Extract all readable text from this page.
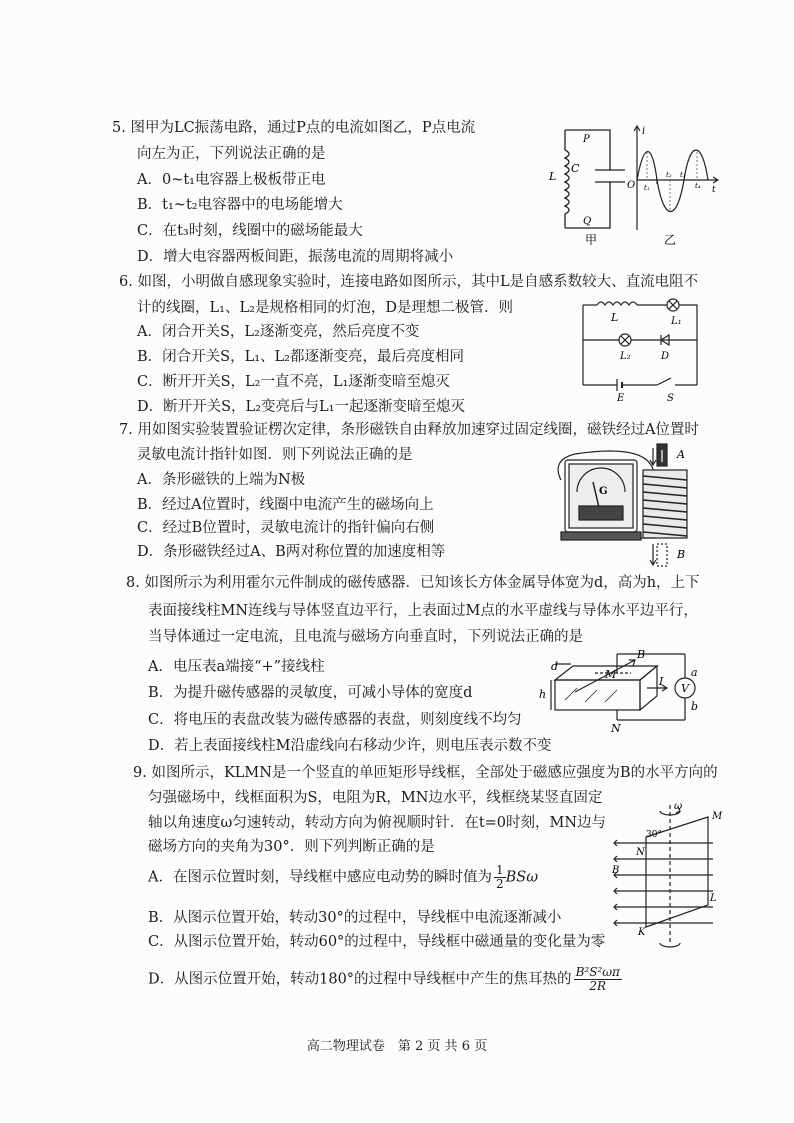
5. 图甲为LC振荡电路，通过P点的电流如图乙，P点电流
向左为正，下列说法正确的是
A．0~t₁电容器上极板带正电
B．t₁~t₂电容器中的电场能增大
C．在t₃时刻，线圈中的磁场能最大
D．增大电容器两板间距，振荡电流的周期将减小
P
C
L
Q
甲
i
O t₁
t₂ t₃
t₄ t
乙
6. 如图，小明做自感现象实验时，连接电路如图所示，其中L是自感系数较大、直流电阻不
计的线圈，L₁、L₂是规格相同的灯泡，D是理想二极管．则
A．闭合开关S，L₂逐渐变亮，然后亮度不变
B．闭合开关S，L₁、L₂都逐渐变亮，最后亮度相同
C．断开开关S，L₂一直不亮，L₁逐渐变暗至熄灭
D．断开开关S，L₂变亮后与L₁一起逐渐变暗至熄灭
L	L₁
L₂	D
E	S
7. 用如图实验装置验证楞次定律，条形磁铁自由释放加速穿过固定线圈，磁铁经过A位置时
灵敏电流计指针如图．则下列说法正确的是
A．条形磁铁的上端为N极
B．经过A位置时，线圈中电流产生的磁场向上
C．经过B位置时，灵敏电流计的指针偏向右侧
D．条形磁铁经过A、B两对称位置的加速度相等
G
A
B
8. 如图所示为利用霍尔元件制成的磁传感器．已知该长方体金属导体宽为d，高为h，上下
表面接线柱MN连线与导体竖直边平行，上表面过M点的水平虚线与导体水平边平行，
当导体通过一定电流，且电流与磁场方向垂直时，下列说法正确的是
A．电压表a端接“+”接线柱
B．为提升磁传感器的灵敏度，可减小导体的宽度d
C．将电压的表盘改装为磁传感器的表盘，则刻度线不均匀
D．若上表面接线柱M沿虚线向右移动少许，则电压表示数不变
V
d
h
M
N
B
I
a
b
9. 如图所示，KLMN是一个竖直的单匝矩形导线框，全部处于磁感应强度为B的水平方向的
匀强磁场中，线框面积为S，电阻为R，MN边水平，线框绕某竖直固定
轴以角速度ω匀速转动，转动方向为俯视顺时针．在t=0时刻，MN边与
磁场方向的夹角为30°．则下列判断正确的是
A．在图示位置时刻，导线框中感应电动势的瞬时值为 $\frac{1}{2}$ BSω
B．从图示位置开始，转动30°的过程中，导线框中电流逐渐减小
C．从图示位置开始，转动60°的过程中，导线框中磁通量的变化量为零
D．从图示位置开始，转动180°的过程中导线框中产生的焦耳热的 $\frac{\text{B²S²ωπ}}{2R}$
ω
M
N
30°
B
L
K
高二物理试卷　第 2 页 共 6 页
